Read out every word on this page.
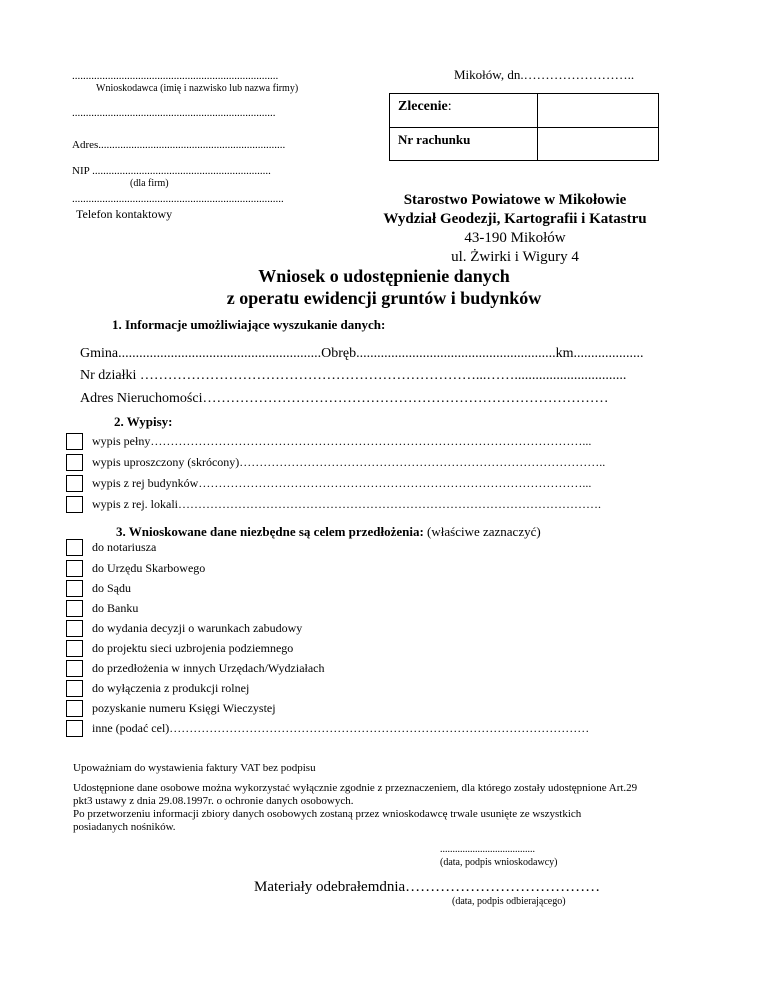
...........................................................................
Wnioskodawca (imię i nazwisko lub nazwa firmy)
..........................................................................
Adres....................................................................
NIP .................................................................
(dla firm)
.............................................................................
Telefon kontaktowy
Mikołów, dn.……………………..
Zlecenie:
Nr rachunku
Starostwo Powiatowe w Mikołowie
Wydział Geodezji, Kartografii i Katastru
43-190 Mikołów
ul. Żwirki i Wigury 4
Wniosek o udostępnienie danych
z operatu ewidencji gruntów i budynków
1. Informacje umożliwiające wyszukanie danych:
Gmina..........................................................Obręb.........................................................km....................
Nr działki ………………………………………………………………...……................................
Adres Nieruchomości……………………………………………………………………………
2. Wypisy:
wypis pełny………………………………………………………………………………………………...
wypis uproszczony (skrócony)………………………………………………………………………………..
wypis z rej budynków……………………………………………………………………………………...
wypis z rej. lokali…………………………………………………………………………………………….
3. Wnioskowane dane niezbędne są celem przedłożenia: (właściwe zaznaczyć)
do notariusza
do Urzędu Skarbowego
do Sądu
do Banku
do wydania decyzji o warunkach zabudowy
do projektu sieci uzbrojenia podziemnego
do przedłożenia w innych Urzędach/Wydziałach
do wyłączenia z produkcji rolnej
pozyskanie numeru Księgi Wieczystej
inne (podać cel)……………………………………………………………………………………………
Upoważniam do wystawienia faktury VAT bez podpisu
Udostępnione dane osobowe można wykorzystać wyłącznie zgodnie z przeznaczeniem, dla którego zostały udostępnione Art.29
pkt3 ustawy z dnia 29.08.1997r. o ochronie danych osobowych.
Po przetworzeniu informacji zbiory danych osobowych zostaną przez wnioskodawcę trwale usunięte ze wszystkich
posiadanych nośników.
......................................
(data, podpis wnioskodawcy)
Materiały odebrałemdnia…………………………………
(data, podpis odbierającego)
